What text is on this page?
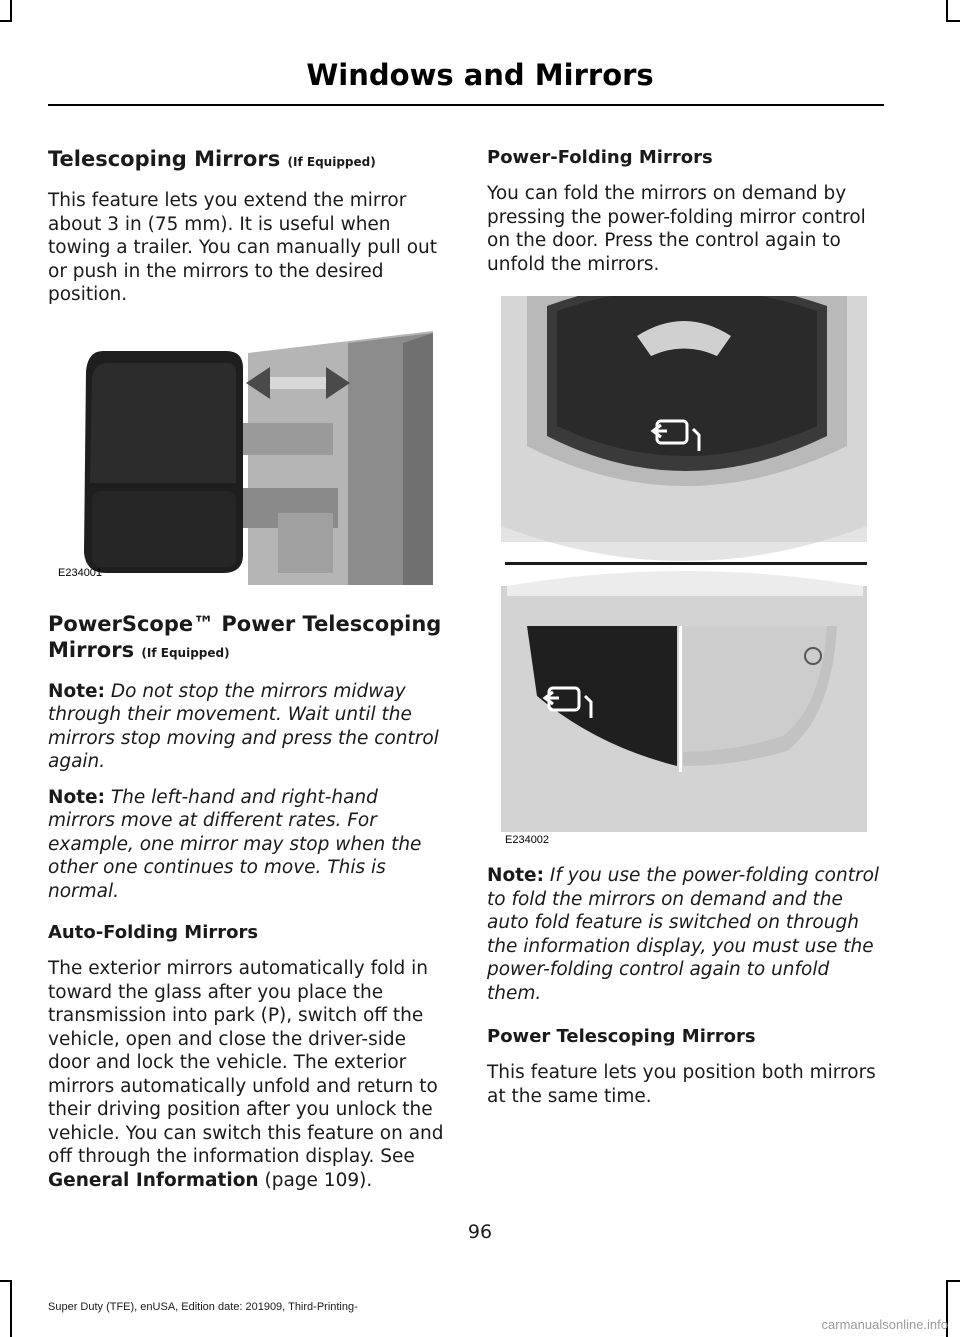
Windows and Mirrors
Telescoping Mirrors (If Equipped)

This feature lets you extend the mirror about 3 in (75 mm). It is useful when towing a trailer. You can manually pull out or push in the mirrors to the desired position.

E234001
PowerScope™ Power Telescoping Mirrors (If Equipped)

Note: Do not stop the mirrors midway through their movement. Wait until the mirrors stop moving and press the control again.

Note: The left-hand and right-hand mirrors move at different rates. For example, one mirror may stop when the other one continues to move. This is normal.

Auto-Folding Mirrors

The exterior mirrors automatically fold in toward the glass after you place the transmission into park (P), switch off the vehicle, open and close the driver-side door and lock the vehicle. The exterior mirrors automatically unfold and return to their driving position after you unlock the vehicle. You can switch this feature on and off through the information display. See General Information (page 109).

Power-Folding Mirrors

You can fold the mirrors on demand by pressing the power-folding mirror control on the door. Press the control again to unfold the mirrors.

E234002

Note: If you use the power-folding control to fold the mirrors on demand and the auto fold feature is switched on through the information display, you must use the power-folding control again to unfold them.

Power Telescoping Mirrors

This feature lets you position both mirrors at the same time.

96
Super Duty (TFE), enUSA, Edition date: 201909, Third-Printing-
carmanualsonline.info
